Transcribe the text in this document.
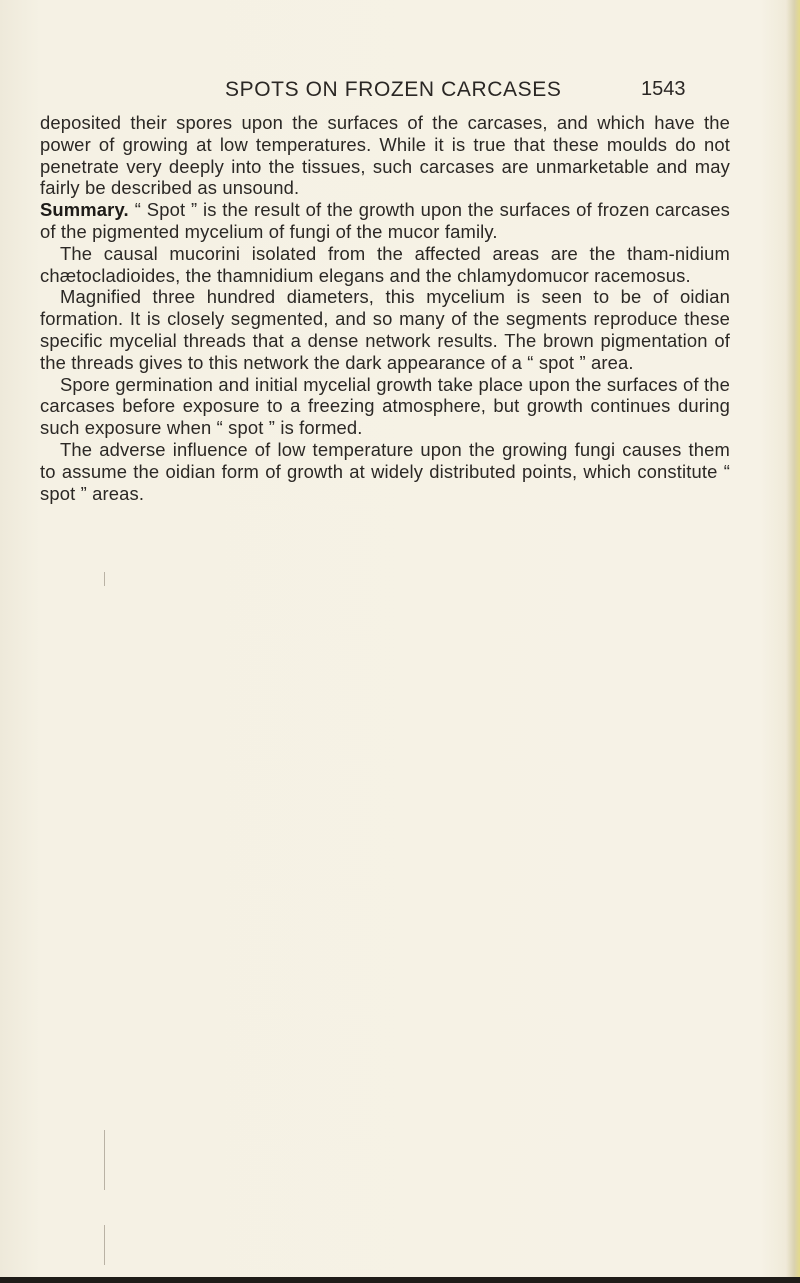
SPOTS ON FROZEN CARCASES	1543

deposited their spores upon the surfaces of the carcases, and which have the power of growing at low temperatures. While it is true that these moulds do not penetrate very deeply into the tissues, such carcases are unmarketable and may fairly be described as unsound.

Summary. “ Spot ” is the result of the growth upon the surfaces of frozen carcases of the pigmented mycelium of fungi of the mucor family.

The causal mucorini isolated from the affected areas are the tham-nidium chætocladioides, the thamnidium elegans and the chlamydomucor racemosus.

Magnified three hundred diameters, this mycelium is seen to be of oidian formation. It is closely segmented, and so many of the segments reproduce these specific mycelial threads that a dense network results. The brown pigmentation of the threads gives to this network the dark appearance of a “ spot ” area.

Spore germination and initial mycelial growth take place upon the surfaces of the carcases before exposure to a freezing atmosphere, but growth continues during such exposure when “ spot ” is formed.

The adverse influence of low temperature upon the growing fungi causes them to assume the oidian form of growth at widely distributed points, which constitute “ spot ” areas.
